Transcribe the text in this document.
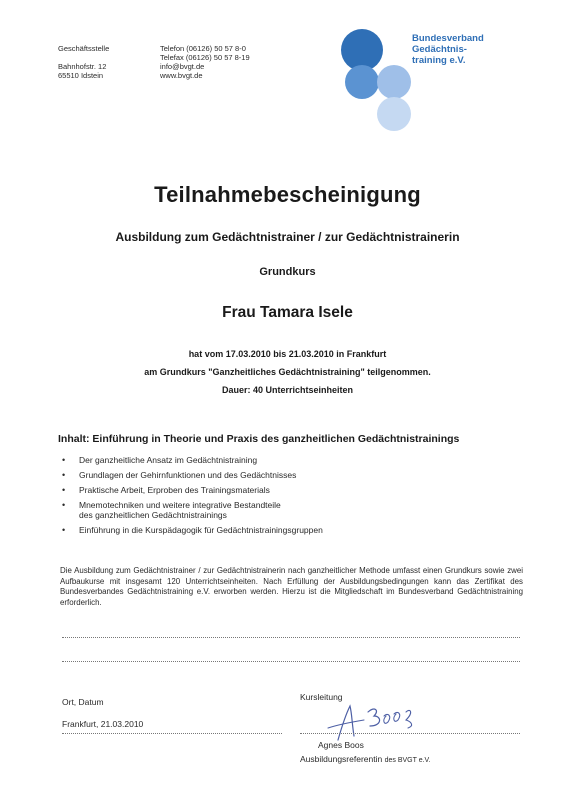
Geschäftsstelle
Bahnhofstr. 12
65510 Idstein
Telefon (06126) 50 57 8-0
Telefax (06126) 50 57 8-19
info@bvgt.de
www.bvgt.de
Bundesverband
Gedächtnis-
training e.V.
Teilnahmebescheinigung
Ausbildung zum Gedächtnistrainer / zur Gedächtnistrainerin
Grundkurs
Frau Tamara Isele
hat vom 17.03.2010 bis 21.03.2010 in Frankfurt
am Grundkurs "Ganzheitliches Gedächtnistraining" teilgenommen.
Dauer: 40 Unterrichtseinheiten
Inhalt: Einführung in Theorie und Praxis des ganzheitlichen Gedächtnistrainings
• Der ganzheitliche Ansatz im Gedächtnistraining
• Grundlagen der Gehirnfunktionen und des Gedächtnisses
• Praktische Arbeit, Erproben des Trainingsmaterials
• Mnemotechniken und weitere integrative Bestandteile
des ganzheitlichen Gedächtnistrainings
• Einführung in die Kurspädagogik für Gedächtnistrainingsgruppen
Die Ausbildung zum Gedächtnistrainer / zur Gedächtnistrainerin nach ganzheitlicher Methode umfasst einen Grundkurs sowie zwei Aufbaukurse mit insgesamt 120 Unterrichtseinheiten. Nach Erfüllung der Ausbildungsbedingungen kann das Zertifikat des Bundesverbandes Gedächtnistraining e.V. erworben werden. Hierzu ist die Mitgliedschaft im Bundesverband Gedächtnistraining erforderlich.
Ort, Datum
Frankfurt, 21.03.2010
Kursleitung
Agnes Boos
Ausbildungsreferentin des BVGT e.V.
